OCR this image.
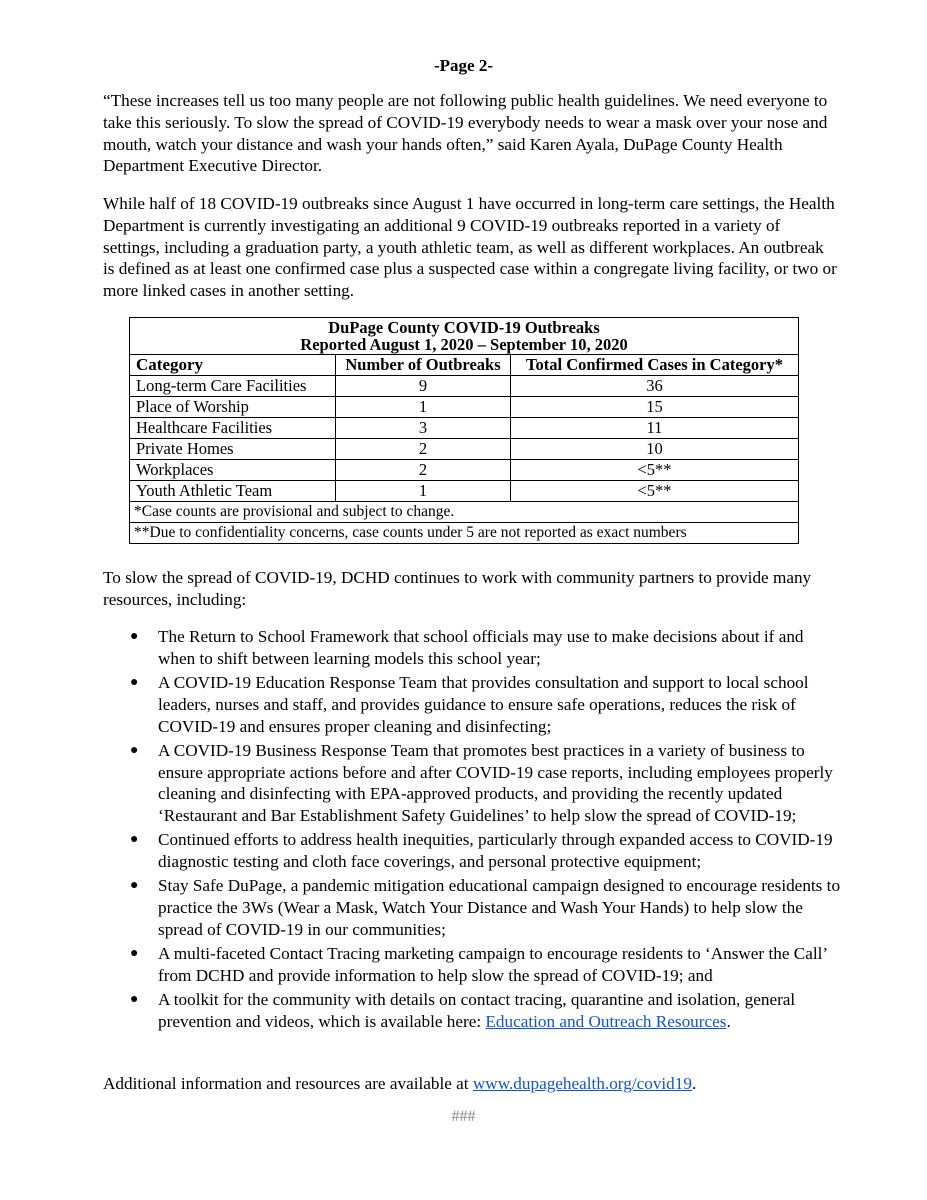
-Page 2-

“These increases tell us too many people are not following public health guidelines. We need everyone to take this seriously. To slow the spread of COVID-19 everybody needs to wear a mask over your nose and mouth, watch your distance and wash your hands often,” said Karen Ayala, DuPage County Health Department Executive Director.

While half of 18 COVID-19 outbreaks since August 1 have occurred in long-term care settings, the Health Department is currently investigating an additional 9 COVID-19 outbreaks reported in a variety of settings, including a graduation party, a youth athletic team, as well as different workplaces. An outbreak is defined as at least one confirmed case plus a suspected case within a congregate living facility, or two or more linked cases in another setting.

DuPage County COVID-19 Outbreaks
Reported August 1, 2020 – September 10, 2020		

Category	Number of Outbreaks	Total Confirmed Cases in Category*
Long-term Care Facilities	9	36
Place of Worship	1	15
Healthcare Facilities	3	11
Private Homes	2	10
Workplaces	2	<5**
Youth Athletic Team	1	<5**
*Case counts are provisional and subject to change.		
**Due to confidentiality concerns, case counts under 5 are not reported as exact numbers		

To slow the spread of COVID-19, DCHD continues to work with community partners to provide many resources, including:

● The Return to School Framework that school officials may use to make decisions about if and when to shift between learning models this school year;
● A COVID-19 Education Response Team that provides consultation and support to local school leaders, nurses and staff, and provides guidance to ensure safe operations, reduces the risk of COVID-19 and ensures proper cleaning and disinfecting;
● A COVID-19 Business Response Team that promotes best practices in a variety of business to ensure appropriate actions before and after COVID-19 case reports, including employees properly cleaning and disinfecting with EPA-approved products, and providing the recently updated ‘Restaurant and Bar Establishment Safety Guidelines’ to help slow the spread of COVID-19;
● Continued efforts to address health inequities, particularly through expanded access to COVID-19 diagnostic testing and cloth face coverings, and personal protective equipment;
● Stay Safe DuPage, a pandemic mitigation educational campaign designed to encourage residents to practice the 3Ws (Wear a Mask, Watch Your Distance and Wash Your Hands) to help slow the spread of COVID-19 in our communities;
● A multi-faceted Contact Tracing marketing campaign to encourage residents to ‘Answer the Call’ from DCHD and provide information to help slow the spread of COVID-19; and
● A toolkit for the community with details on contact tracing, quarantine and isolation, general prevention and videos, which is available here: Education and Outreach Resources.

Additional information and resources are available at www.dupagehealth.org/covid19.

###
